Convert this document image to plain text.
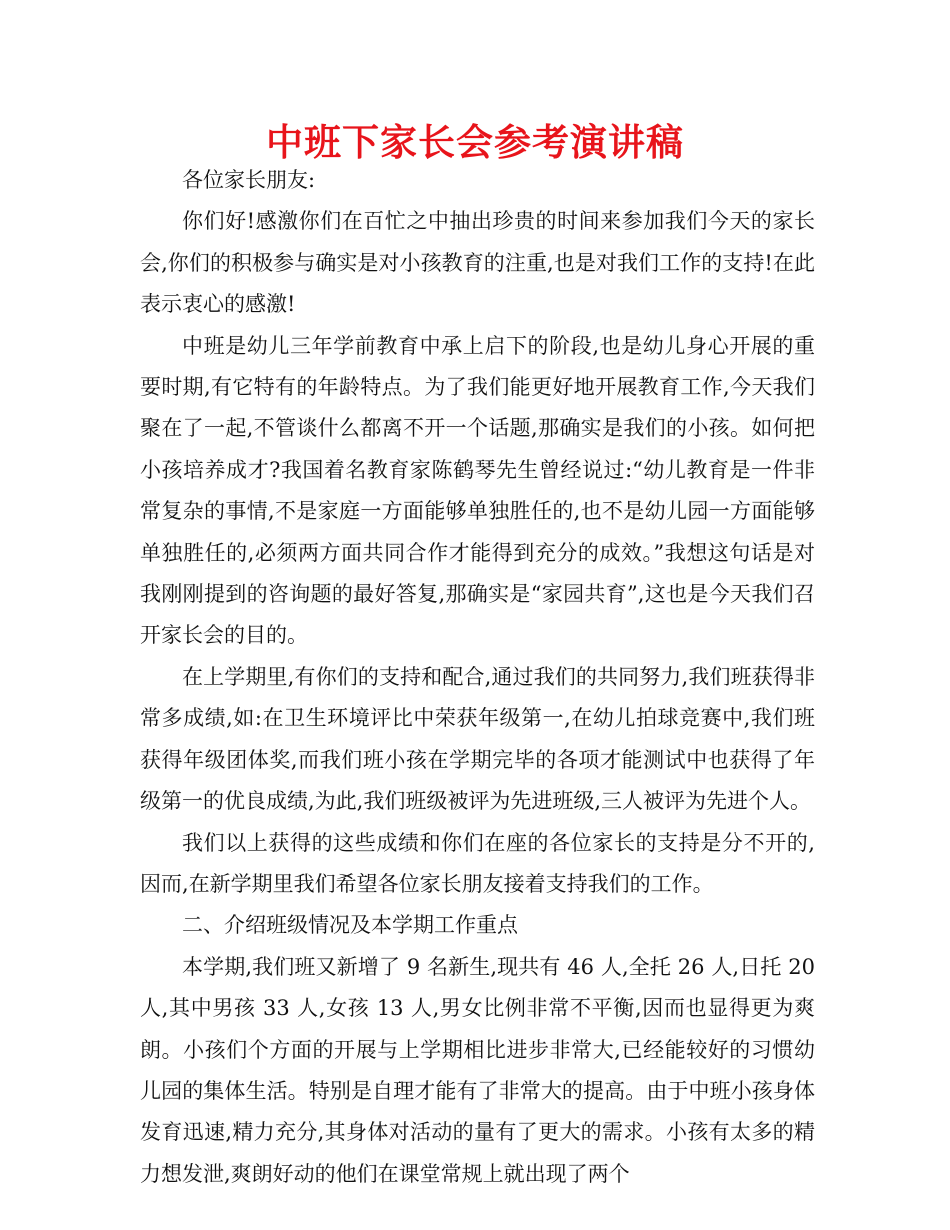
中班下家长会参考演讲稿

各位家长朋友:

你们好!感激你们在百忙之中抽出珍贵的时间来参加我们今天的家长会,你们的积极参与确实是对小孩教育的注重,也是对我们工作的支持!在此表示衷心的感激!

中班是幼儿三年学前教育中承上启下的阶段,也是幼儿身心开展的重要时期,有它特有的年龄特点。为了我们能更好地开展教育工作,今天我们聚在了一起,不管谈什么都离不开一个话题,那确实是我们的小孩。如何把小孩培养成才?我国着名教育家陈鹤琴先生曾经说过:“幼儿教育是一件非常复杂的事情,不是家庭一方面能够单独胜任的,也不是幼儿园一方面能够单独胜任的,必须两方面共同合作才能得到充分的成效。”我想这句话是对我刚刚提到的咨询题的最好答复,那确实是“家园共育”,这也是今天我们召开家长会的目的。

在上学期里,有你们的支持和配合,通过我们的共同努力,我们班获得非常多成绩,如:在卫生环境评比中荣获年级第一,在幼儿拍球竞赛中,我们班获得年级团体奖,而我们班小孩在学期完毕的各项才能测试中也获得了年级第一的优良成绩,为此,我们班级被评为先进班级,三人被评为先进个人。

我们以上获得的这些成绩和你们在座的各位家长的支持是分不开的,因而,在新学期里我们希望各位家长朋友接着支持我们的工作。

二、介绍班级情况及本学期工作重点

本学期,我们班又新增了 9 名新生,现共有 46 人,全托 26 人,日托 20 人,其中男孩 33 人,女孩 13 人,男女比例非常不平衡,因而也显得更为爽朗。小孩们个方面的开展与上学期相比进步非常大,已经能较好的习惯幼儿园的集体生活。特别是自理才能有了非常大的提高。由于中班小孩身体发育迅速,精力充分,其身体对活动的量有了更大的需求。小孩有太多的精力想发泄,爽朗好动的他们在课堂常规上就出现了两个
